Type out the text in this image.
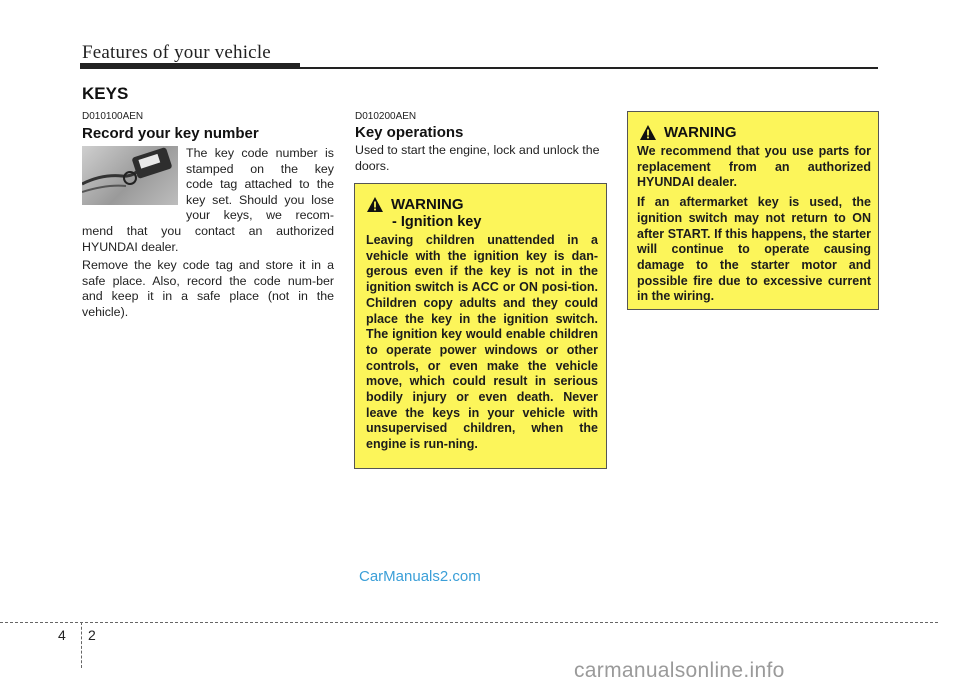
Features of your vehicle
KEYS
D010100AEN
Record your key number
The key code number is
stamped on the key
code tag attached to the
key set. Should you lose
your keys, we recom-
mend that you contact an authorized HYUNDAI dealer.
Remove the key code tag and store it in a safe place. Also, record the code num-ber and keep it in a safe place (not in the vehicle).
D010200AEN
Key operations
Used to start the engine, lock and unlock the doors.
WARNING
- Ignition key
Leaving children unattended in a vehicle with the ignition key is dan-gerous even if the key is not in the ignition switch is ACC or ON posi-tion. Children copy adults and they could place the key in the ignition switch. The ignition key would enable children to operate power windows or other controls, or even make the vehicle move, which could result in serious bodily injury or even death. Never leave the keys in your vehicle with unsupervised children, when the engine is run-ning.
WARNING

We recommend that you use parts for replacement from an authorized HYUNDAI dealer.

If an aftermarket key is used, the ignition switch may not return to ON after START. If this happens, the starter will continue to operate causing damage to the starter motor and possible fire due to excessive current in the wiring.

CarManuals2.com
4 2
carmanualsonline.info
